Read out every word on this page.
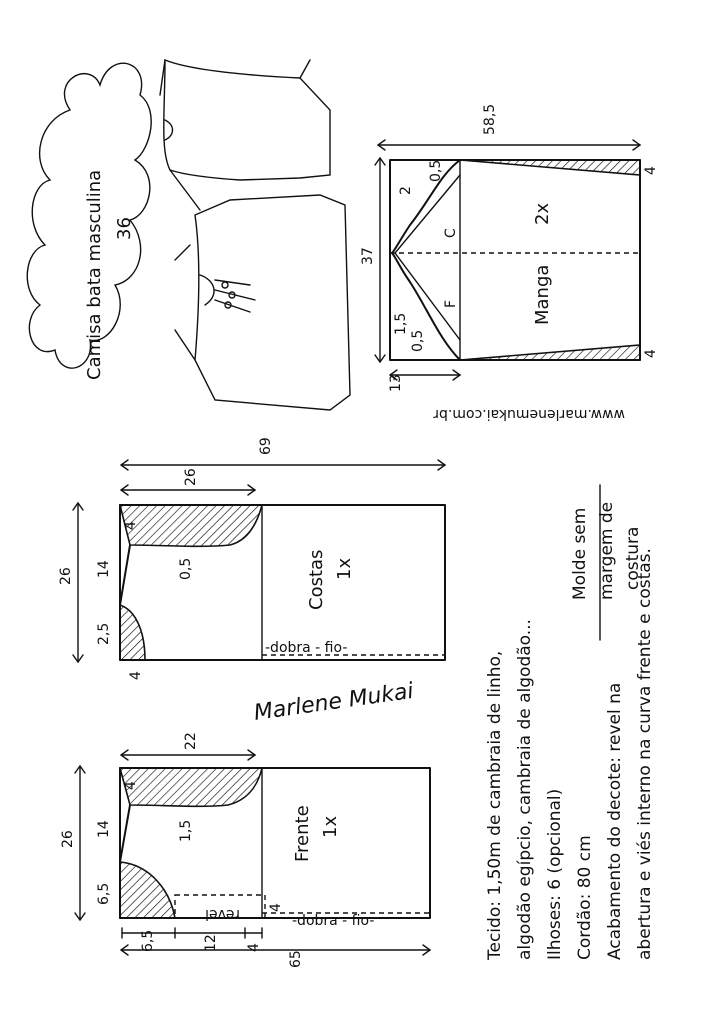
Camisa bata masculina 36
58,5
37
13
4
4
C
F
2
0,5
1,5
0,5
Manga
2x
www.marlenemukai.com.br
69
26
26
4
14
2,5
4
0,5	Costas 1x
-dobra - fio-
Marlene Mukai
26
22
revel
4
14
6,5
1,5	Frente 1x
-dobra - fio-
6,5	12 4
4
65	Tecido: 1,50m de cambraia de linho, algodão egípcio, cambraia de algodão... Ilhoses: 6 (opcional) Cordão: 80 cm Acabamento do decote: revel na abertura e viés interno na curva frente e costas.
Molde sem margem de costura
